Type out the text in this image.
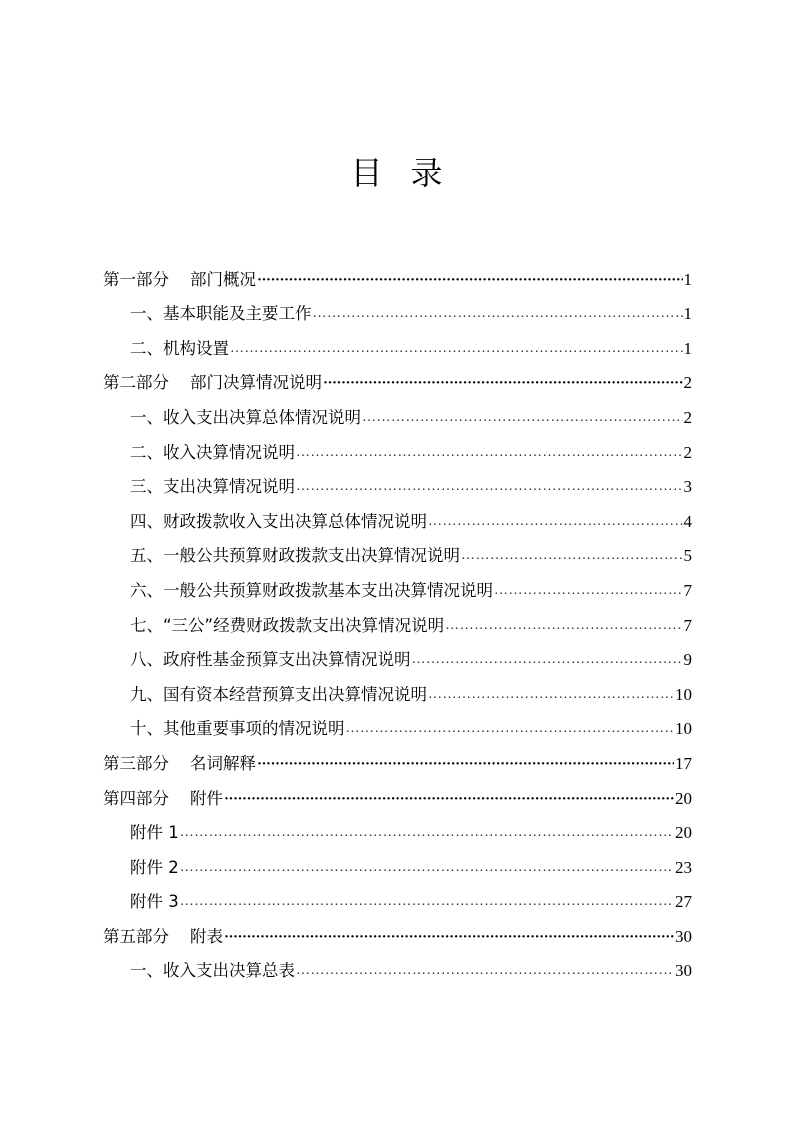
目 录
第一部分    部门概况 ·····	1
一、基本职能及主要工作 ……………………………………………………………………………………………………………………………………………………………………	1
二、机构设置 ……………………………………………………………………………………………………………………………………………………………………	1
第二部分    部门决算情况说明 ·····	2
一、收入支出决算总体情况说明 ……………………………………………………………………………………………………………………………………………………………………	2
二、收入决算情况说明 ……………………………………………………………………………………………………………………………………………………………………	2
三、支出决算情况说明 ……………………………………………………………………………………………………………………………………………………………………	3
四、财政拨款收入支出决算总体情况说明 ……………………………………………………………………………………………………………………………………………………………………	4
五、一般公共预算财政拨款支出决算情况说明 ……………………………………………………………………………………………………………………………………………………………………	5
六、一般公共预算财政拨款基本支出决算情况说明 ……………………………………………………………………………………………………………………………………………………………………	7
七、“三公”经费财政拨款支出决算情况说明 ……………………………………………………………………………………………………………………………………………………………………	7
八、政府性基金预算支出决算情况说明 ……………………………………………………………………………………………………………………………………………………………………	9
九、国有资本经营预算支出决算情况说明 ……………………………………………………………………………………………………………………………………………………………………	10
十、其他重要事项的情况说明 ……………………………………………………………………………………………………………………………………………………………………	10
第三部分    名词解释 ·····	17
第四部分    附件 ·····	20
附件 1 ……………………………………………………………………………………………………………………………………………………………………	20
附件 2 ……………………………………………………………………………………………………………………………………………………………………	23
附件 3 ……………………………………………………………………………………………………………………………………………………………………	27
第五部分    附表 ·····	30
一、收入支出决算总表 ……………………………………………………………………………………………………………………………………………………………………	30
